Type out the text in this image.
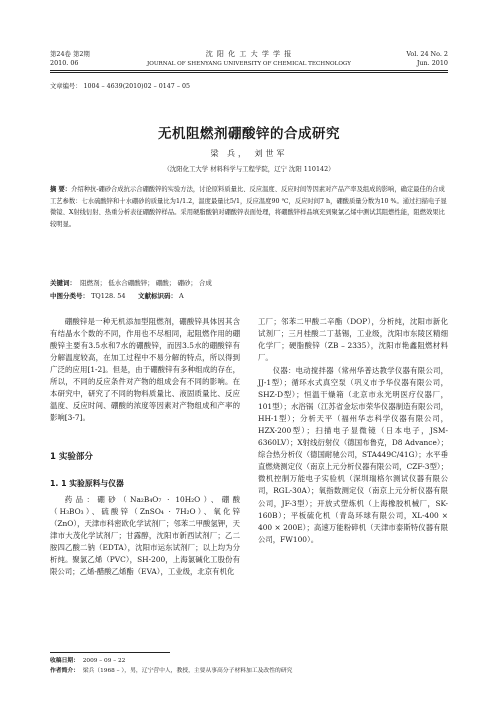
第24卷 第2期
2010. 06
沈 阳 化 工 大 学 学 报
JOURNAL OF SHENYANG UNIVERSITY OF CHEMICAL TECHNOLOGY
Vol. 24 No. 2
Jun. 2010
文章编号： 1004 – 4639(2010)02 – 0147 – 05
无机阻燃剂硼酸锌的合成研究
梁 兵， 刘世军
（沈阳化工大学 材料科学与工程学院，辽宁 沈阳 110142）
摘 要：介绍种抗-硼砂合成抗示合硼酸锌的实验方法，讨论原料质量比、反应温度、反应时间等因素对产品产率及组成的影响，确定最佳的合成工艺参数：七水硫酸锌和十水硼砂的质量比为1/1.2，温度最量比5/1，反应温度90 ℃，反应时间7 h，硼酸质量分数为10 %。通过扫描电子显微镜、X射线衍射、热重分析表征硼酸锌样品。采用硬脂酸钠对硼酸锌表面处理，将硼酸锌样品填充到聚氯乙烯中测试其阻燃性能，阻燃效果比较明显。
关键词： 阻燃剂； 低水合硼酸锌； 硼酸； 硼砂； 合成
中图分类号： TQ128. 54 文献标识码： A

硼酸锌是一种无机添加型阻燃剂，硼酸锌具体因其含有结晶水个数的不同，作用也不尽相同，起阻燃作用的硼酸锌主要有3.5水和7水的硼酸锌，而因3.5水的硼酸锌有分解温度较高，在加工过程中不易分解的特点，所以得到广泛的应用[1-2]。但是，由于硼酸锌有多种组成的存在，所以，不同的反应条件对产物的组成会有不同的影响。在本研究中，研究了不同的物料质量比、液固质量比、反应温度、反应时间、硼酸的浓度等因素对产物组成和产率的影响[3-7]。

1 实验部分
1. 1 实验原料与仪器

药品：硼砂（Na₂B₄O₇ · 10H₂O）、硼酸（H₃BO₃）、硫酸锌（ZnSO₄ · 7H₂O）、氧化锌（ZnO），天津市科密欧化学试剂厂；邻苯二甲酸氢钾，天津市大茂化学试剂厂；甘露醇，沈阳市新西试剂厂；乙二胺四乙酸二钠（EDTA），沈阳市运东试剂厂；以上均为分析纯。聚氯乙烯（PVC），SH-200，上海氯碱化工股份有限公司；乙烯-醋酸乙烯酯（EVA），工业级，北京有机化

工厂；邻苯二甲酸二辛酯（DOP），分析纯，沈阳市新化试剂厂；三月桂酸二丁基锡，工业级，沈阳市东陵区精细化学厂；硬脂酸锌（ZB – 2335），沈阳市艳鑫阻燃材料厂。

仪器：电动搅拌器（常州华普达教学仪器有限公司，JJ-1型）；循环水式真空泵（巩义市予华仪器有限公司，SHZ-D型）；恒温干燥箱（北京市永光明医疗仪器厂，101型）；水浴锅（江苏省金坛市荣华仪器制造有限公司，HH-1型）；分析天平（福州华志科学仪器有限公司，HZX-200型）；扫描电子显微镜（日本电子，JSM-6360LV）；X射线衍射仪（德国布鲁克，D8 Advance）；综合热分析仪（德国耐驰公司，STA449C/41G）；水平垂直燃烧测定仪（南京上元分析仪器有限公司，CZF-3型）；微机控制万能电子实验机（深圳瑞格尔测试仪器有限公司，RGL-30A）；氧指数测定仪（南京上元分析仪器有限公司，JF-3型）；开放式塑炼机（上海橡胶机械厂，SK-160B）；平板硫化机（青岛环球有限公司，XL-400 × 400 × 200E）；高速万能粉碎机（天津市泰斯特仪器有限公司，FW100）。

收稿日期： 2009 – 09 – 22
作者简介： 梁兵（1968 – ），男，辽宁营中人，教授，主要从事高分子材料加工及改性的研究
